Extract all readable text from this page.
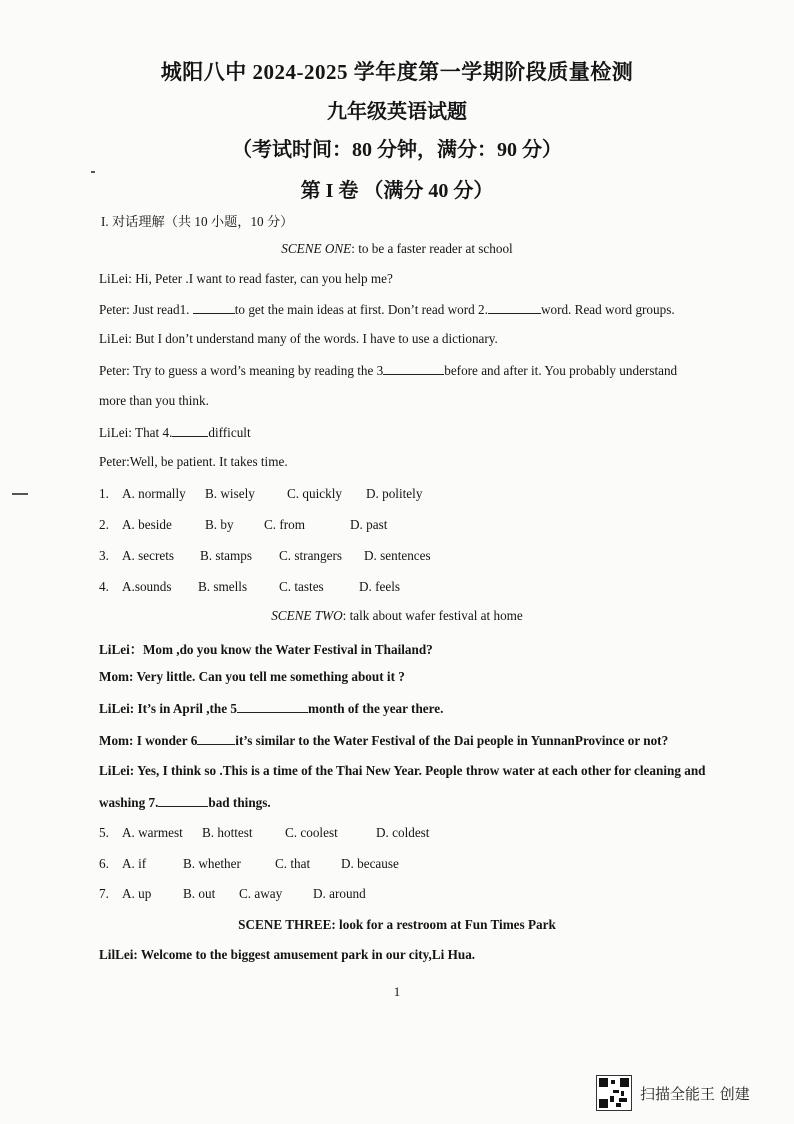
城阳八中 2024-2025 学年度第一学期阶段质量检测
九年级英语试题
（考试时间：80 分钟，满分：90 分）
第 I 卷 （满分 40 分）
I. 对话理解（共 10 小题，10 分）
SCENE ONE: to be a faster reader at school
LiLei: Hi, Peter .I want to read faster, can you help me?
Peter: Just read1.	to get the main ideas at first. Don’t read word 2.	word. Read word groups.
LiLei: But I don’t understand many of the words. I have to use a dictionary.
Peter: Try to guess a word’s meaning by reading the 3	before and after it. You probably understand
more than you think.
LiLei: That 4.	difficult
Peter:Well, be patient. It takes time.
1. A. normally B. wisely C. quickly D. politely
2. A. beside	B. by C. from	D. past
3. A. secrets B. stamps C. strangers D. sentences
4. A.sounds B. smells C. tastes	D. feels
SCENE TWO: talk about wafer festival at home
LiLei：Mom ,do you know the Water Festival in Thailand?
Mom: Very little. Can you tell me something about it ?
LiLei: It’s in April ,the 5	month of the year there.
Mom: I wonder 6	it’s similar to the Water Festival of the Dai people in YunnanProvince or not?
LiLei: Yes, I think so .This is a time of the Thai New Year. People throw water at each other for cleaning and
washing 7.	bad things.
5. A. warmest B. hottest C. coolest	D. coldest
6. A. if	B. whether	C. that D. because
7. A. up B. out C. away D. around
SCENE THREE: look for a restroom at Fun Times Park
LilLei: Welcome to the biggest amusement park in our city,Li Hua.
1
扫描全能王 创建
